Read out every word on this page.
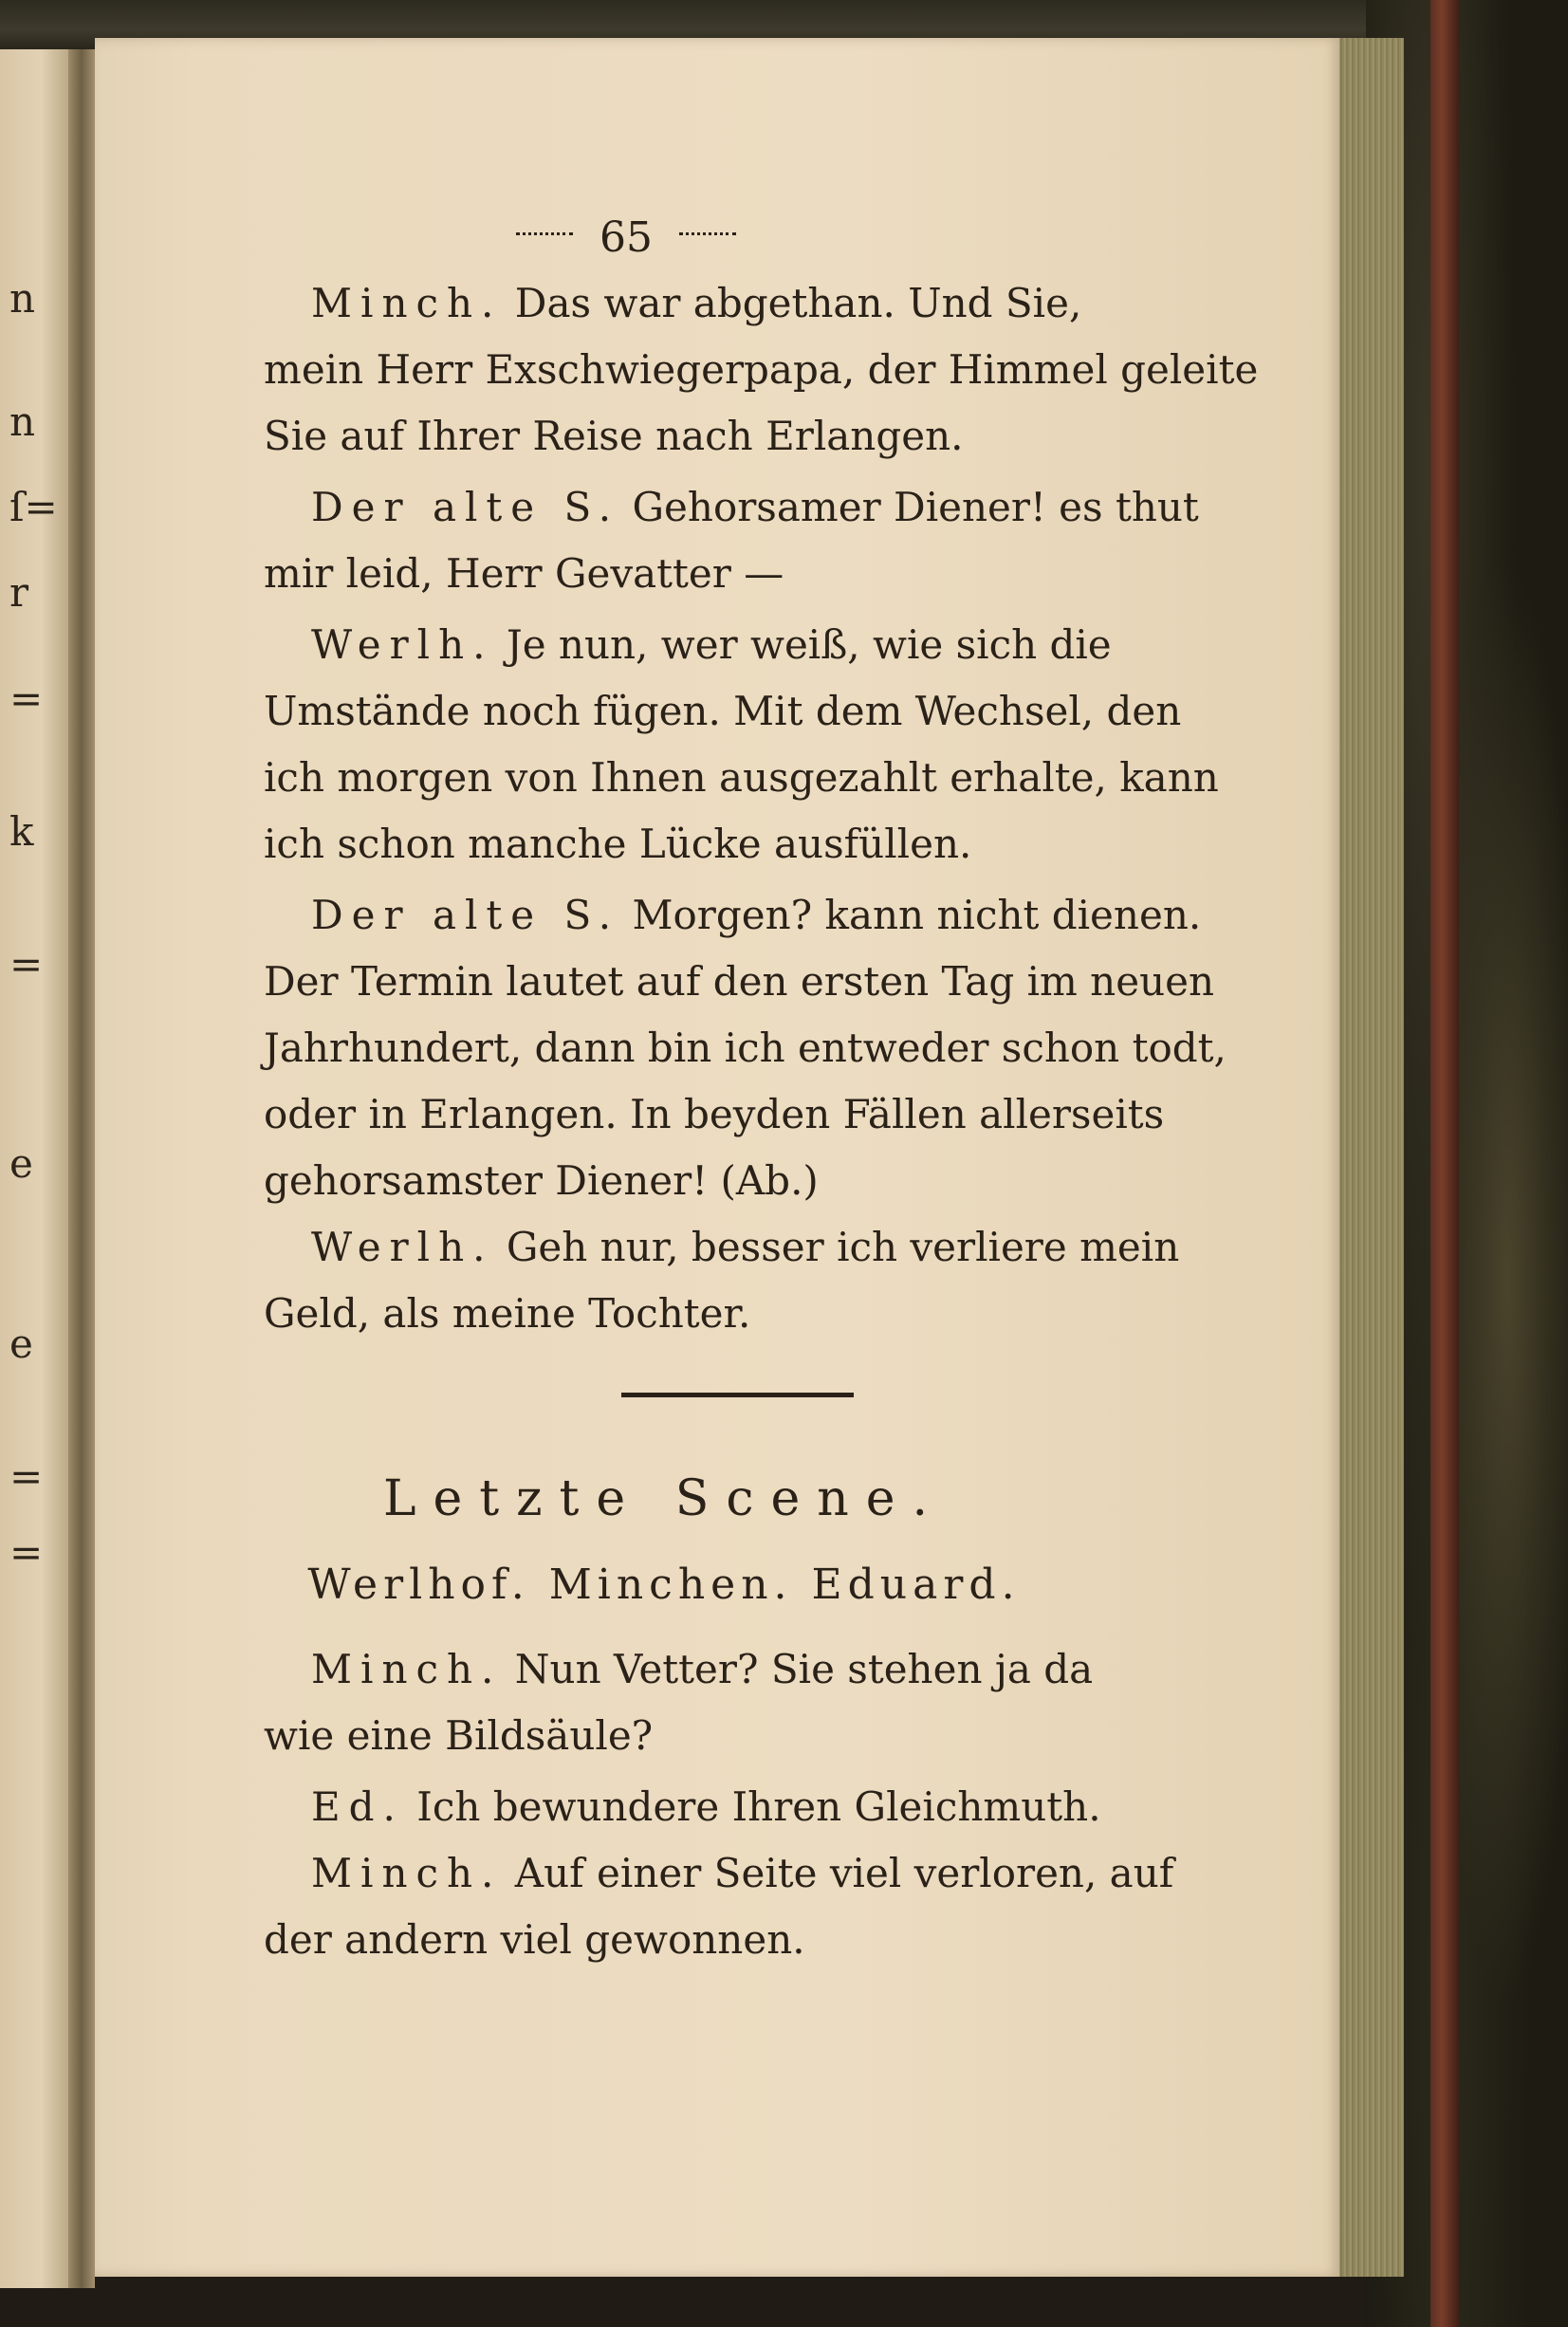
n
n
ſ=
r
=
k
=
e
e
=
=
65
Minch. Das war abgethan. Und Sie,
mein Herr Exschwiegerpapa, der Himmel geleite
Sie auf Ihrer Reise nach Erlangen.
Der alte S. Gehorsamer Diener! es thut
mir leid, Herr Gevatter —
Werlh. Je nun, wer weiß, wie sich die
Umstände noch fügen. Mit dem Wechsel, den
ich morgen von Ihnen ausgezahlt erhalte, kann
ich schon manche Lücke ausfüllen.
Der alte S. Morgen? kann nicht dienen.
Der Termin lautet auf den ersten Tag im neuen
Jahrhundert, dann bin ich entweder schon todt,
oder in Erlangen. In beyden Fällen allerseits
gehorsamster Diener! (Ab.)
Werlh. Geh nur, besser ich verliere mein
Geld, als meine Tochter.
Minch. Nun Vetter? Sie stehen ja da
wie eine Bildsäule?
Ed. Ich bewundere Ihren Gleichmuth.
Minch. Auf einer Seite viel verloren, auf
der andern viel gewonnen.
Letzte Scene.
Werlhof. Minchen. Eduard.
